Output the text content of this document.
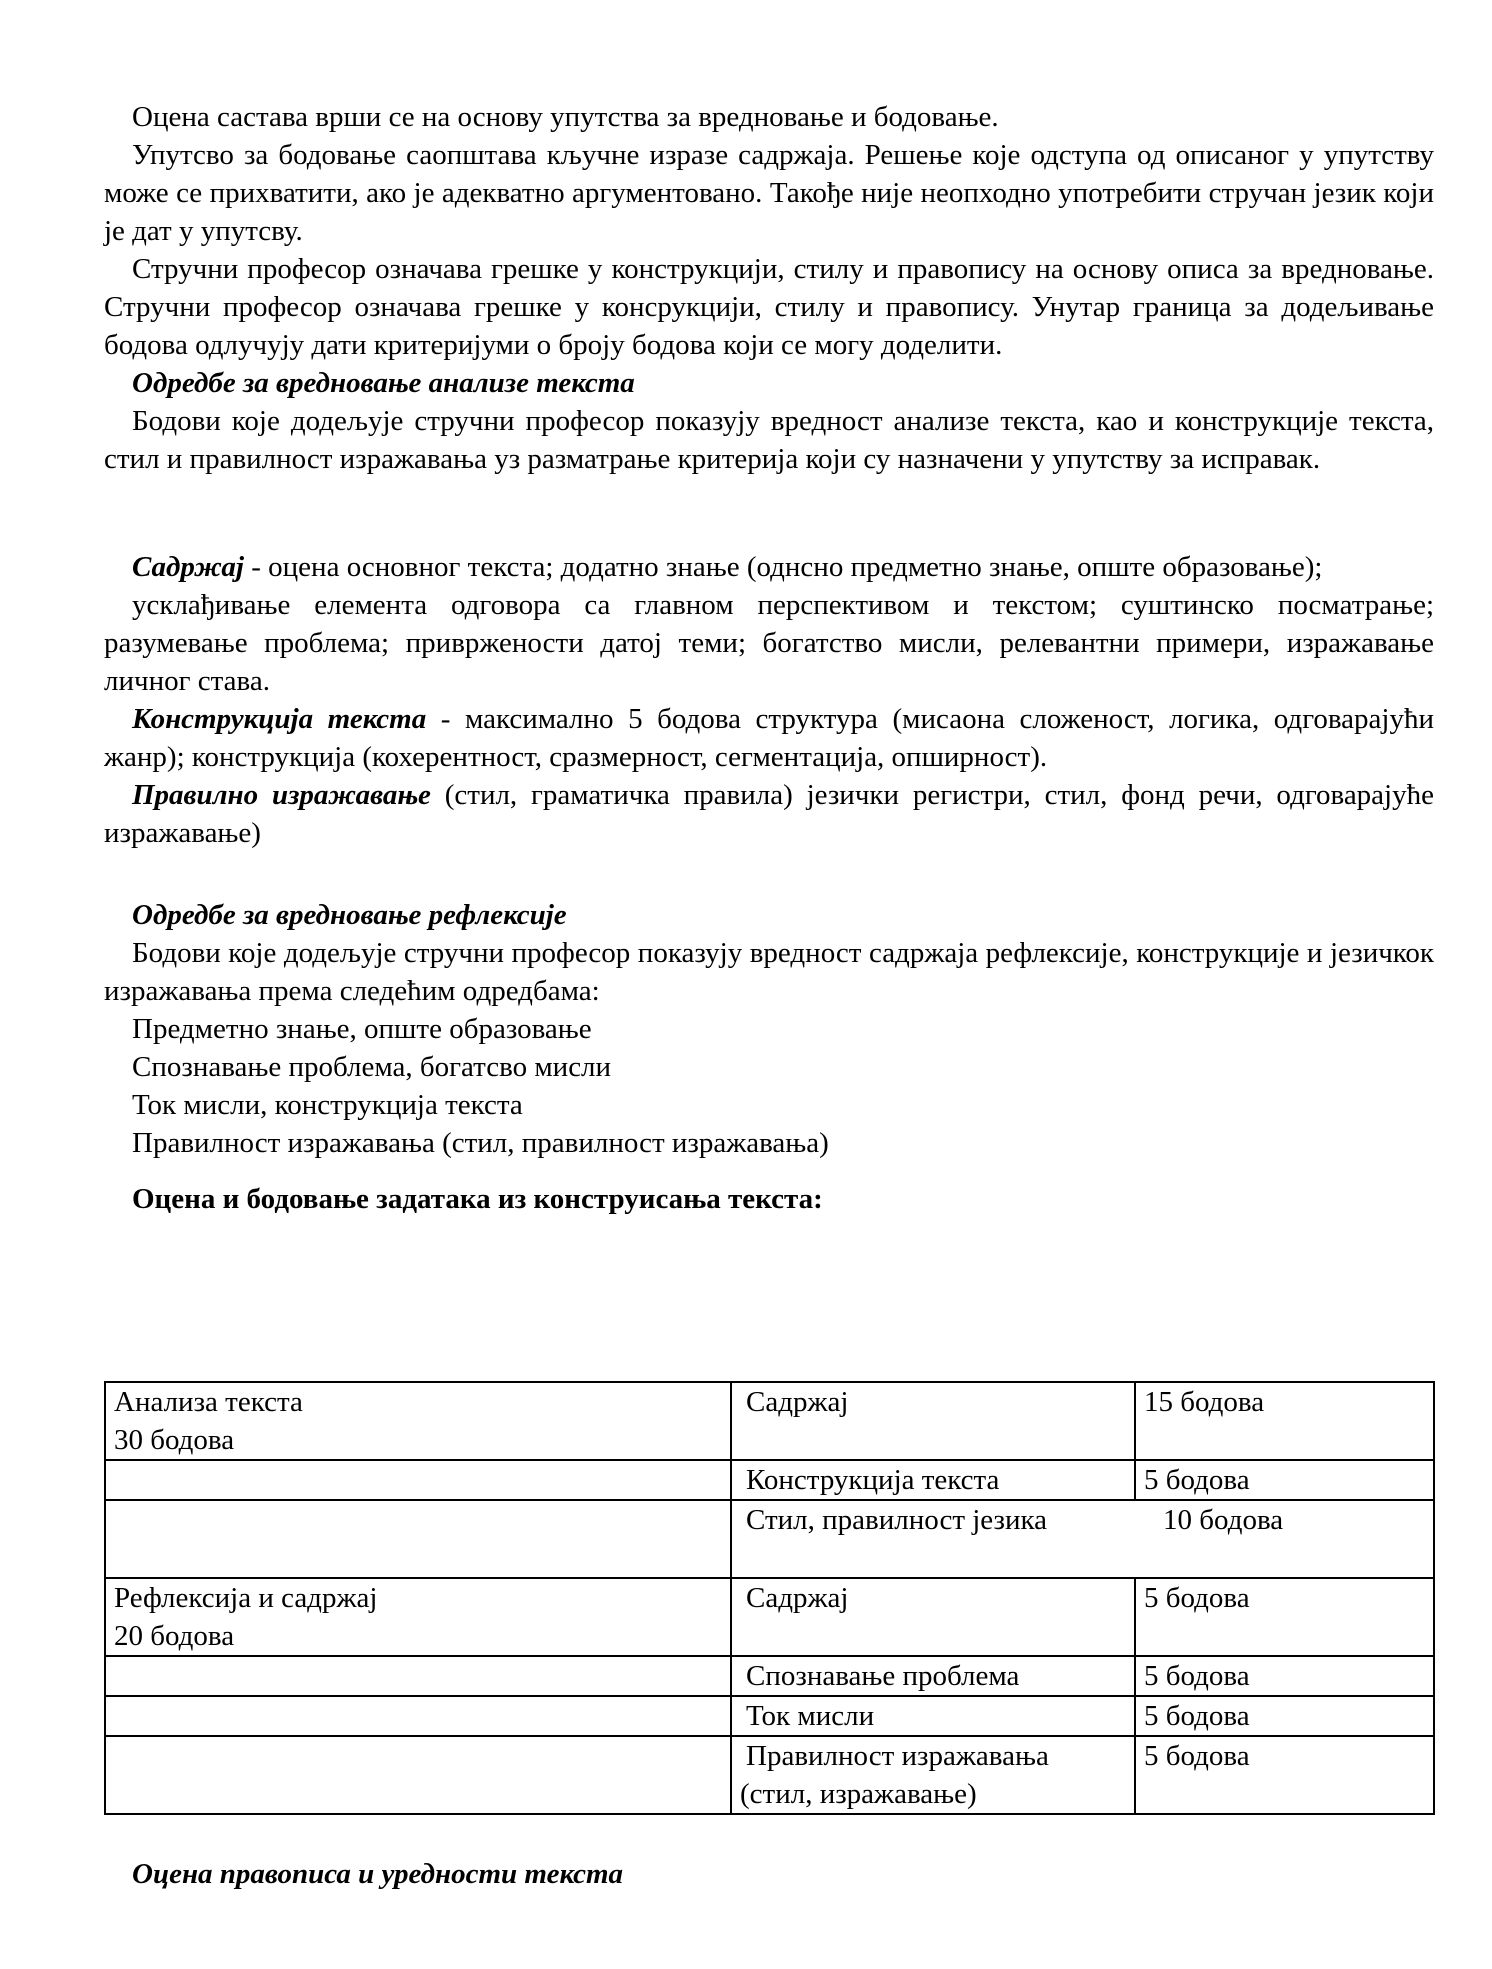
Оцена састава врши се на основу упутства за вредновање и бодовање.

Упутсво за бодовање саопштава кључне изразе садржаја. Решење које одступа од описаног у упутству може се прихватити, ако је адекватно аргументовано. Такође није неопходно употребити стручан језик који је дат у упутсву.

Стручни професор означава грешке у конструкцији, стилу и правопису на основу описа за вредновање. Стручни професор означава грешке у консрукцији, стилу и правопису. Унутар граница за додељивање бодова одлучују дати критеријуми о броју бодова који се могу доделити.

Одредбе за вредновање анализе текста

Бодови које додељује стручни професор показују вредност анализе текста, као и конструкције текста, стил и правилност изражавања уз разматрање критерија који су назначени у упутству за исправак.

Садржај - оцена основног текста; додатно знање (однсно предметно знање, опште образовање);

усклађивање елемента одговора са главном перспективом и текстом; суштинско посматрање; разумевање проблема; привржености датој теми; богатство мисли, релевантни примери, изражавање личног става.

Конструкција текста - максимално 5 бодова структура (мисаона сложеност, логика, одговарајући жанр); конструкција (кохерентност, сразмерност, сегментација, опширност).

Правилно изражавање (стил, граматичка правила) језички регистри, стил, фонд речи, одговарајуће изражавање)

Одредбе за вредновање рефлексије

Бодови које додељује стручни професор показују вредност садржаја рефлексије, конструкције и језичкок изражавања према следећим одредбама:

Предметно знање, опште образовање

Спознавање проблема, богатсво мисли

Ток мисли, конструкција текста

Правилност изражавања (стил, правилност изражавања)

Оцена и бодовање задатака из конструисања текста:

Анализа текста
30 бодова	Садржај	15 бодова
	Конструкција текста	5 бодова
	Стил, правилност језика 10 бодова	

Рефлексија и садржај
20 бодова	Садржај	5 бодова
	Спознавање проблема	5 бодова
	Ток мисли	5 бодова

	Правилност изражавања
(стил, изражавање)	5 бодова

Оцена правописа и уредности текста
